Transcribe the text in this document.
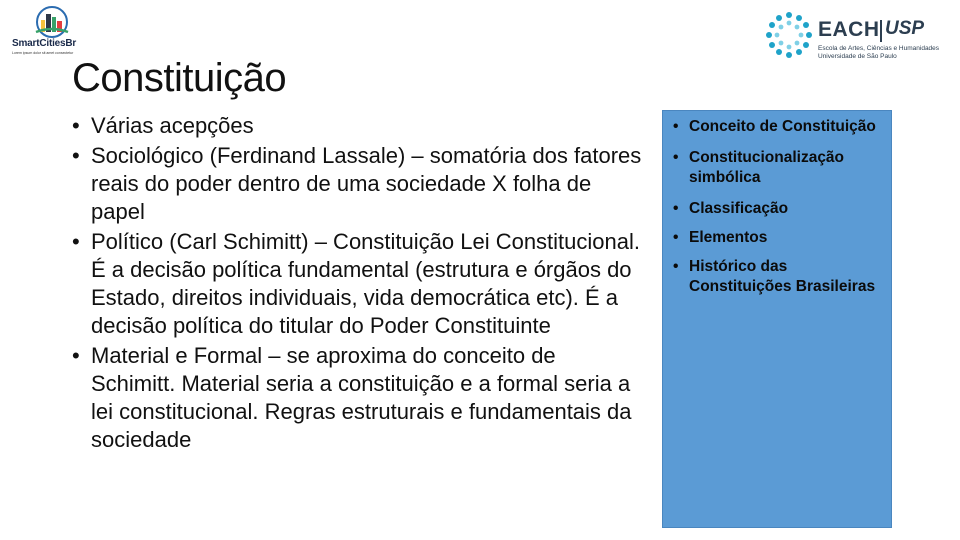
SmartCitiesBr
Lorem ipsum dolor sit amet consectetur
EACH USP
Escola de Artes, Ciências e Humanidades
Universidade de São Paulo
Constituição
• Várias acepções
• Sociológico (Ferdinand Lassale) – somatória dos fatores reais do poder dentro de uma sociedade X folha de papel
• Político (Carl Schimitt) – Constituição Lei Constitucional. É a decisão política fundamental (estrutura e órgãos do Estado, direitos individuais, vida democrática etc). É a decisão política do titular do Poder Constituinte
• Material e Formal – se aproxima do conceito de Schimitt. Material seria a constituição e a formal seria a lei constitucional. Regras estruturais e fundamentais da sociedade
• Conceito de Constituição
• Constitucionalização simbólica
• Classificação
• Elementos
• Histórico das Constituições Brasileiras
